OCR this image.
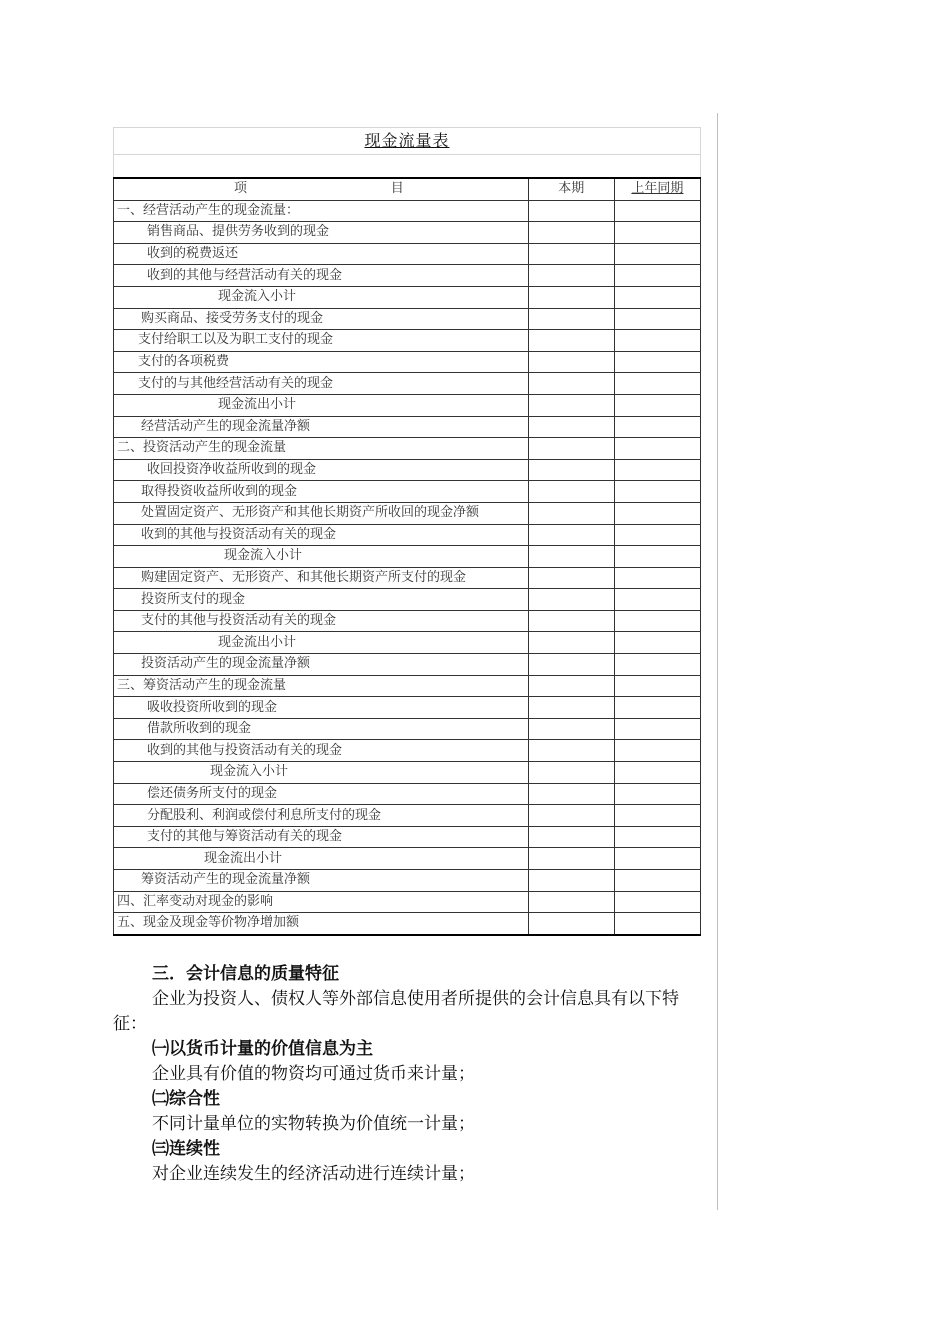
现金流量表
项 目	本期	上年同期
一、经营活动产生的现金流量：		
销售商品、提供劳务收到的现金		
收到的税费返还		
收到的其他与经营活动有关的现金		
现金流入小计		
购买商品、接受劳务支付的现金		
支付给职工以及为职工支付的现金		
支付的各项税费		
支付的与其他经营活动有关的现金		
现金流出小计		
经营活动产生的现金流量净额		
二、投资活动产生的现金流量		
收回投资净收益所收到的现金		
取得投资收益所收到的现金		
处置固定资产、无形资产和其他长期资产所收回的现金净额		
收到的其他与投资活动有关的现金		
现金流入小计		
购建固定资产、无形资产、和其他长期资产所支付的现金		
投资所支付的现金		
支付的其他与投资活动有关的现金		
现金流出小计		
投资活动产生的现金流量净额		
三、筹资活动产生的现金流量		
吸收投资所收到的现金		
借款所收到的现金		
收到的其他与投资活动有关的现金		
现金流入小计		
偿还债务所支付的现金		
分配股利、利润或偿付利息所支付的现金		
支付的其他与筹资活动有关的现金		
现金流出小计		
筹资活动产生的现金流量净额		
四、汇率变动对现金的影响		
五、现金及现金等价物净增加额		

三．会计信息的质量特征

企业为投资人、债权人等外部信息使用者所提供的会计信息具有以下特征：

㈠以货币计量的价值信息为主

企业具有价值的物资均可通过货币来计量；

㈡综合性

不同计量单位的实物转换为价值统一计量；

㈢连续性

对企业连续发生的经济活动进行连续计量；
